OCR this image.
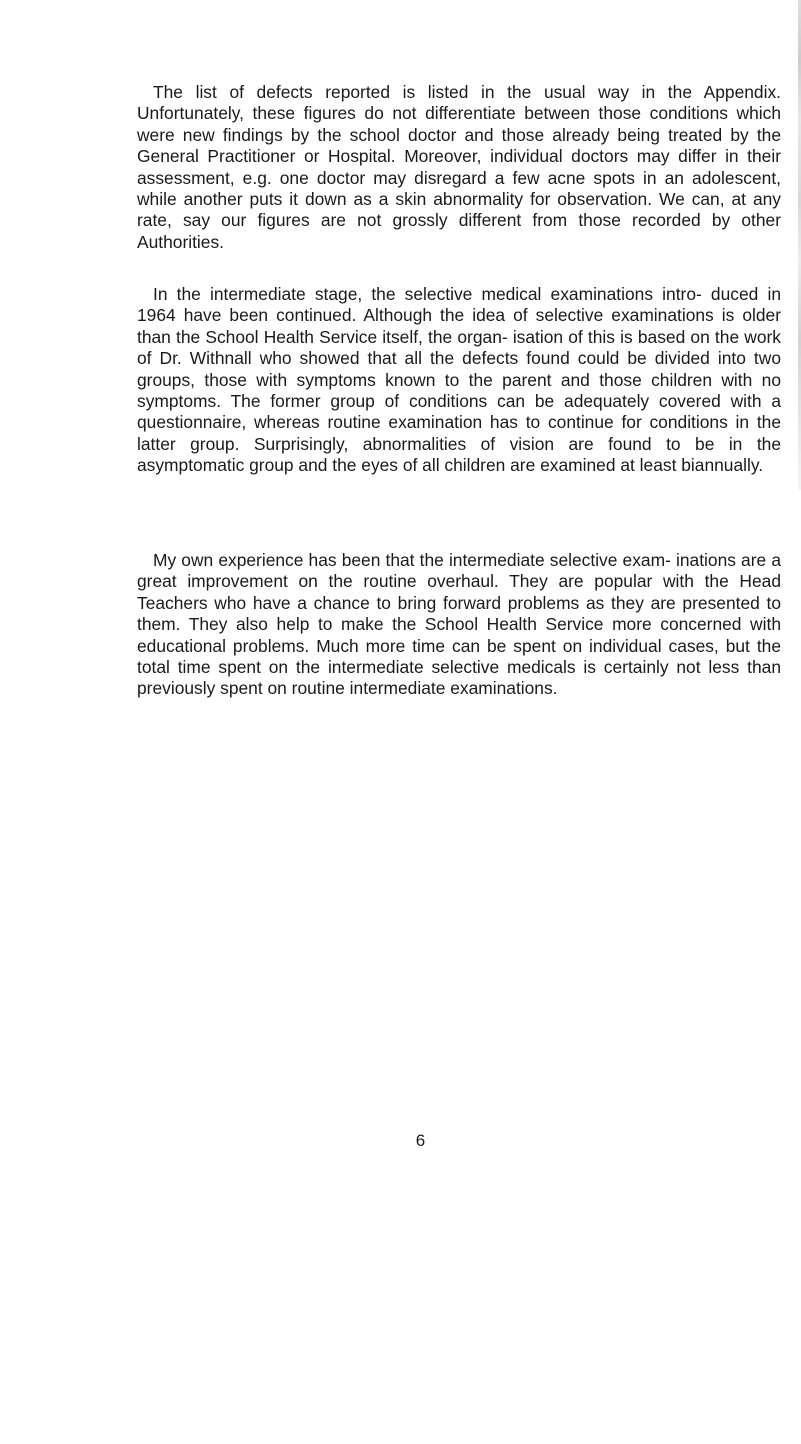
The list of defects reported is listed in the usual way in the Appendix. Unfortunately, these figures do not differentiate between those conditions which were new findings by the school doctor and those already being treated by the General Practitioner or Hospital. Moreover, individual doctors may differ in their assessment, e.g. one doctor may disregard a few acne spots in an adolescent, while another puts it down as a skin abnormality for observation. We can, at any rate, say our figures are not grossly different from those recorded by other Authorities.

In the intermediate stage, the selective medical examinations intro- duced in 1964 have been continued. Although the idea of selective examinations is older than the School Health Service itself, the organ- isation of this is based on the work of Dr. Withnall who showed that all the defects found could be divided into two groups, those with symptoms known to the parent and those children with no symptoms. The former group of conditions can be adequately covered with a questionnaire, whereas routine examination has to continue for conditions in the latter group. Surprisingly, abnormalities of vision are found to be in the asymptomatic group and the eyes of all children are examined at least biannually.

My own experience has been that the intermediate selective exam- inations are a great improvement on the routine overhaul. They are popular with the Head Teachers who have a chance to bring forward problems as they are presented to them. They also help to make the School Health Service more concerned with educational problems. Much more time can be spent on individual cases, but the total time spent on the intermediate selective medicals is certainly not less than previously spent on routine intermediate examinations.

6
